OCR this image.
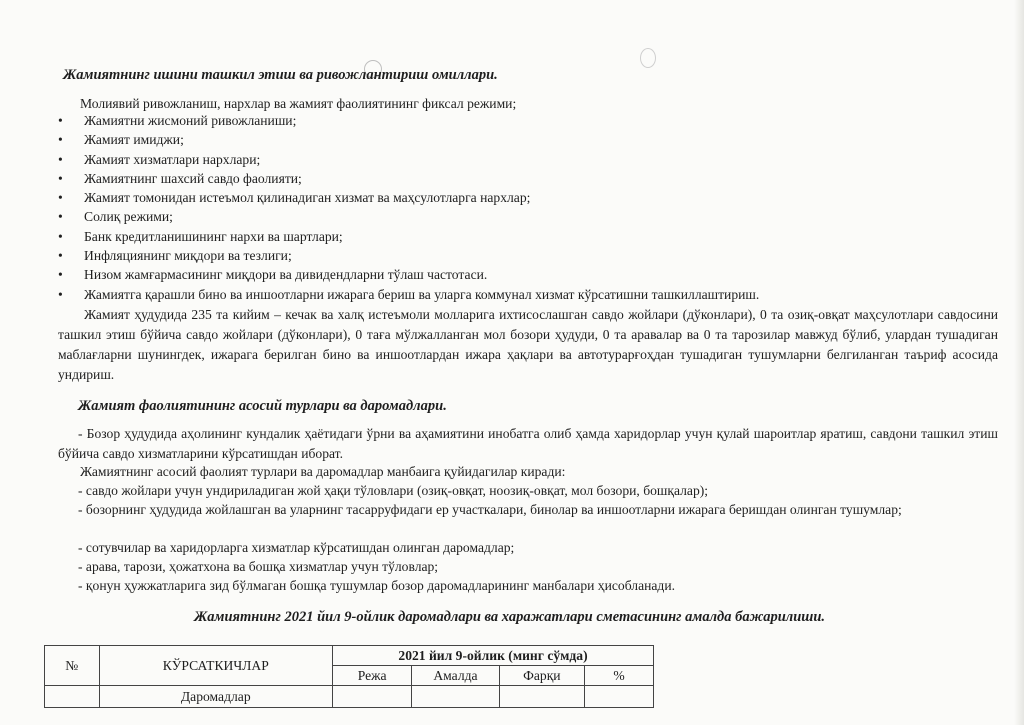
Жамиятнинг ишини ташкил этиш ва ривожлантириш омиллари.
Молиявий ривожланиш, нархлар ва жамият фаолиятининг фиксал режими;
• Жамиятни жисмоний ривожланиши;
• Жамият имиджи;
• Жамият хизматлари нархлари;
• Жамиятнинг шахсий савдо фаолияти;
• Жамият томонидан истеъмол қилинадиган хизмат ва маҳсулотларга нархлар;
• Солиқ режими;
• Банк кредитланишининг нархи ва шартлари;
• Инфляциянинг миқдори ва тезлиги;
• Низом жамғармасининг миқдори ва дивидендларни тўлаш частотаси.
• Жамиятга қарашли бино ва иншоотларни ижарага бериш ва уларга коммунал хизмат кўрсатишни ташкиллаштириш.
Жамият ҳудудида 235 та кийим – кечак ва халқ истеъмоли молларига ихтисослашган савдо жойлари (дўконлари), 0 та озиқ-овқат маҳсулотлари савдосини ташкил этиш бўйича савдо жойлари (дўконлари), 0 таға мўлжалланган мол бозори ҳудуди, 0 та аравалар ва 0 та тарозилар мавжуд бўлиб, улардан тушадиган маблағларни шунингдек, ижарага берилган бино ва иншоотлардан ижара ҳақлари ва автотурарғоҳдан тушадиган тушумларни белгиланган таъриф асосида ундириш.
Жамият фаолиятининг асосий турлари ва даромадлари.
- Бозор ҳудудида аҳолининг кундалик ҳаётидаги ўрни ва аҳамиятини инобатга олиб ҳамда харидорлар учун қулай шароитлар яратиш, савдони ташкил этиш бўйича савдо хизматларини кўрсатишдан иборат.
Жамиятнинг асосий фаолият турлари ва даромадлар манбаига қуйидагилар киради:
- савдо жойлари учун ундириладиган жой ҳақи тўловлари (озиқ-овқат, ноозиқ-овқат, мол бозори, бошқалар);
- бозорнинг ҳудудида жойлашган ва уларнинг тасарруфидаги ер участкалари, бинолар ва иншоотларни ижарага беришдан олинган тушумлар;
- сотувчилар ва харидорларга хизматлар кўрсатишдан олинган даромадлар;
- арава, тарози, ҳожатхона ва бошқа хизматлар учун тўловлар;
- қонун ҳужжатларига зид бўлмаган бошқа тушумлар бозор даромадларининг манбалари ҳисобланади.
Жамиятнинг 2021 йил 9-ойлик даромадлари ва харажатлари сметасининг амалда бажарилиши.
№	КЎРСАТКИЧЛАР	2021 йил 9-ойлик (минг сўмда)			
		Режа	Амалда	Фарқи	%
	Даромадлар				
